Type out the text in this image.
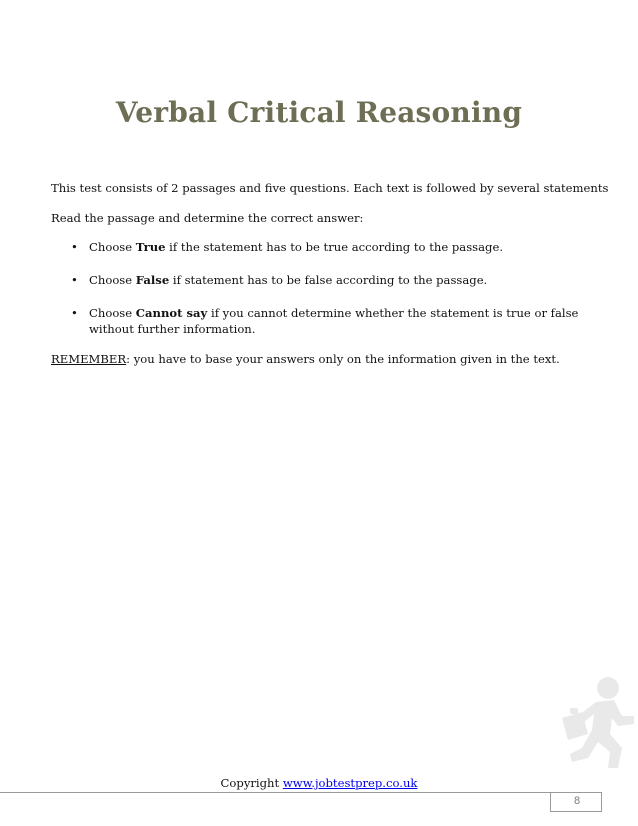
Verbal Critical Reasoning

This test consists of 2 passages and five questions. Each text is followed by several statements

Read the passage and determine the correct answer:

• Choose True if the statement has to be true according to the passage.
• Choose False if statement has to be false according to the passage.
• Choose Cannot say if you cannot determine whether the statement is true or false without further information.

REMEMBER: you have to base your answers only on the information given in the text.

Copyright www.jobtestprep.co.uk

8
